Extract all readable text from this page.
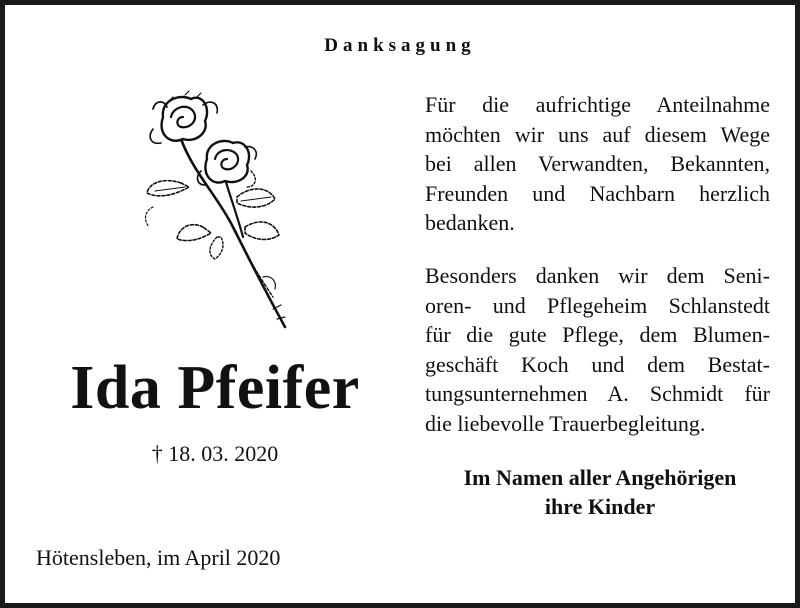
Danksagung
Ida Pfeifer
† 18. 03. 2020
Hötensleben, im April 2020
Für die aufrichtige Anteilnahme
möchten wir uns auf diesem Wege
bei allen Verwandten, Bekannten,
Freunden und Nachbarn herzlich
bedanken.
Besonders danken wir dem Seni-
oren- und Pflegeheim Schlanstedt
für die gute Pflege, dem Blumen-
geschäft Koch und dem Bestat-
tungsunternehmen A. Schmidt für
die liebevolle Trauerbegleitung.
Im Namen aller Angehörigen
ihre Kinder
